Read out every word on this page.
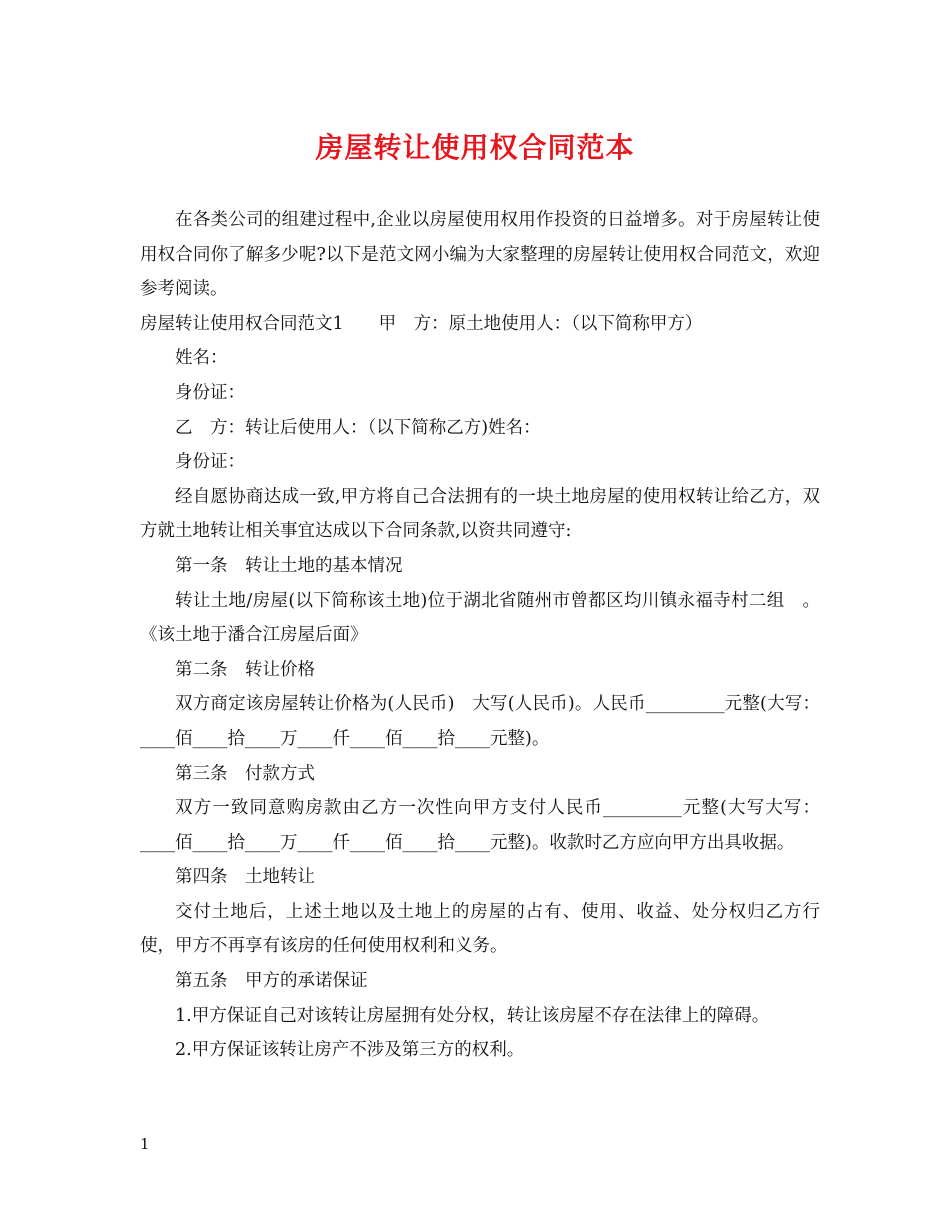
房屋转让使用权合同范本

在各类公司的组建过程中,企业以房屋使用权用作投资的日益增多。对于房屋转让使用权合同你了解多少呢?以下是范文网小编为大家整理的房屋转让使用权合同范文，欢迎参考阅读。

房屋转让使用权合同范文1　　甲　方：原土地使用人：（以下简称甲方）

姓名：

身份证：

乙　方：转让后使用人：（以下简称乙方)姓名：

身份证：

经自愿协商达成一致,甲方将自己合法拥有的一块土地房屋的使用权转让给乙方，双方就土地转让相关事宜达成以下合同条款,以资共同遵守:

第一条　转让土地的基本情况

转让土地/房屋(以下简称该土地)位于湖北省随州市曾都区均川镇永福寺村二组　。《该土地于潘合江房屋后面》

第二条　转让价格

双方商定该房屋转让价格为(人民币)　大写(人民币)。人民币_________元整(大写：____佰____拾____万____仟____佰____拾____元整)。

第三条　付款方式

双方一致同意购房款由乙方一次性向甲方支付人民币_________元整(大写大写：____佰____拾____万____仟____佰____拾____元整)。收款时乙方应向甲方出具收据。

第四条　土地转让

交付土地后，上述土地以及土地上的房屋的占有、使用、收益、处分权归乙方行使，甲方不再享有该房的任何使用权利和义务。

第五条　甲方的承诺保证

1.甲方保证自己对该转让房屋拥有处分权，转让该房屋不存在法律上的障碍。

2.甲方保证该转让房产不涉及第三方的权利。

1
